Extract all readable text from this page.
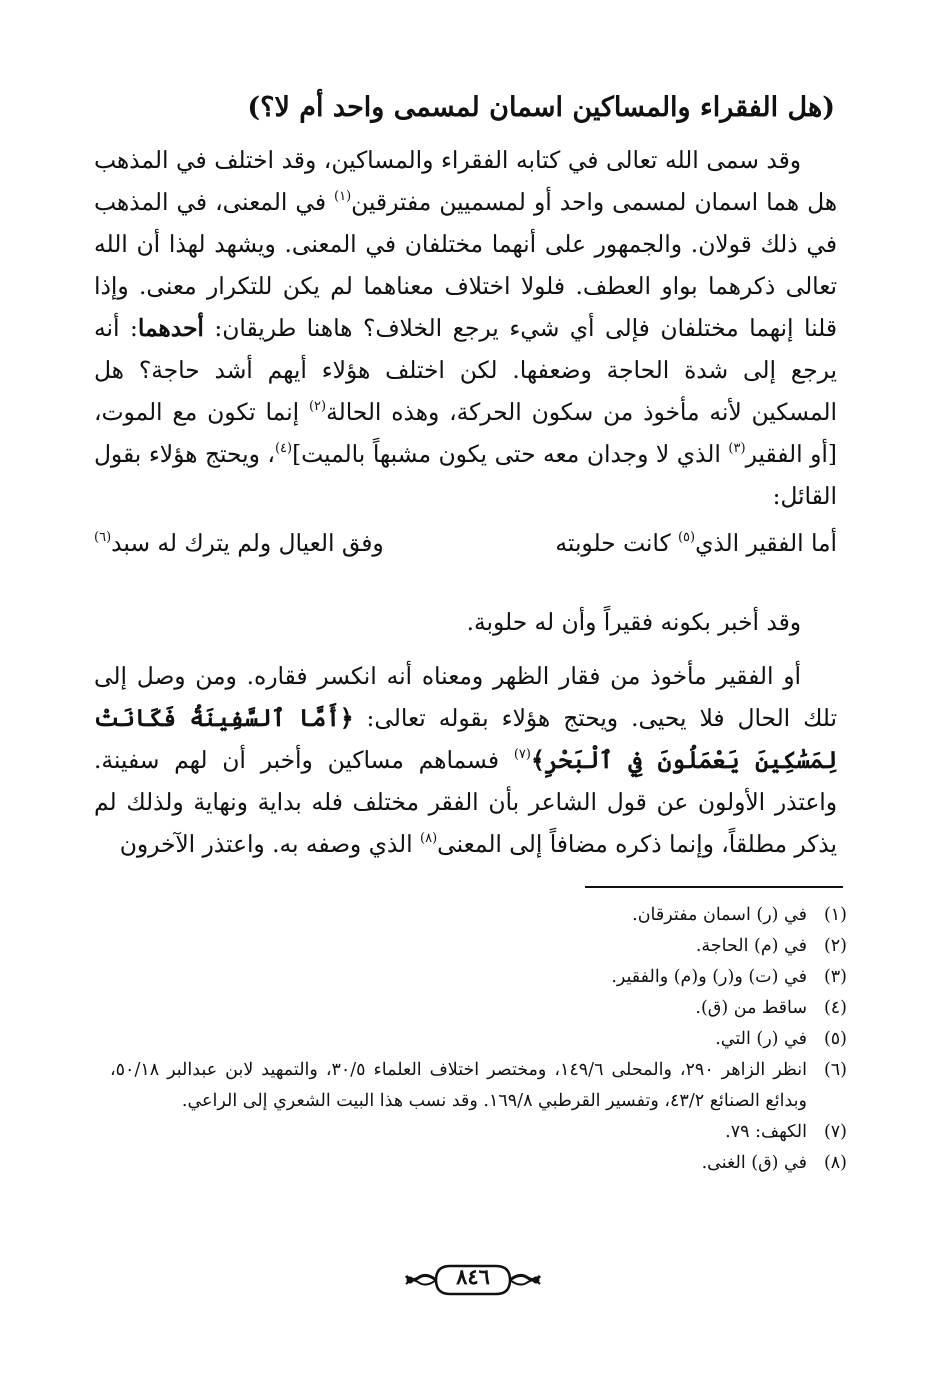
(هل الفقراء والمساكين اسمان لمسمى واحد أم لا؟)

وقد سمى الله تعالى في كتابه الفقراء والمساكين، وقد اختلف في المذهب هل هما اسمان لمسمى واحد أو لمسميين مفترقين$^{(١)}$ في المعنى، في المذهب في ذلك قولان. والجمهور على أنهما مختلفان في المعنى. ويشهد لهذا أن الله تعالى ذكرهما بواو العطف. فلولا اختلاف معناهما لم يكن للتكرار معنى. وإذا قلنا إنهما مختلفان فإلى أي شيء يرجع الخلاف؟ هاهنا طريقان: أحدهما: أنه يرجع إلى شدة الحاجة وضعفها. لكن اختلف هؤلاء أيهم أشد حاجة؟ هل المسكين لأنه مأخوذ من سكون الحركة، وهذه الحالة$^{(٢)}$ إنما تكون مع الموت، [أو الفقير$^{(٣)}$ الذي لا وجدان معه حتى يكون مشبهاً بالميت]$^{(٤)}$، ويحتج هؤلاء بقول القائل:

أما الفقير الذي$^{(٥)}$ كانت حلوبته
وفق العيال ولم يترك له سبد$^{(٦)}$

وقد أخبر بكونه فقيراً وأن له حلوبة.

أو الفقير مأخوذ من فقار الظهر ومعناه أنه انكسر فقاره. ومن وصل إلى تلك الحال فلا يحيى. ويحتج هؤلاء بقوله تعالى: ﴿أَمَّا ٱلسَّفِينَةُ فَكَانَتْ لِمَسَٰكِينَ يَعْمَلُونَ فِي ٱلْبَحْرِ﴾$^{(٧)}$ فسماهم مساكين وأخبر أن لهم سفينة. واعتذر الأولون عن قول الشاعر بأن الفقر مختلف فله بداية ونهاية ولذلك لم يذكر مطلقاً، وإنما ذكره مضافاً إلى المعنى$^{(٨)}$ الذي وصفه به. واعتذر الآخرون

(١)
في (ر) اسمان مفترقان.
(٢)
في (م) الحاجة.
(٣)
في (ت) و(ر) و(م) والفقير.
(٤)
ساقط من (ق).
(٥)
في (ر) التي.
(٦)
انظر الزاهر ٢٩٠، والمحلى ١٤٩/٦، ومختصر اختلاف العلماء ٣٠/٥، والتمهيد لابن عبدالبر ٥٠/١٨، وبدائع الصنائع ٤٣/٢، وتفسير القرطبي ١٦٩/٨. وقد نسب هذا البيت الشعري إلى الراعي.
(٧)
الكهف: ٧٩.
(٨)
في (ق) الغنى.
٨٤٦
